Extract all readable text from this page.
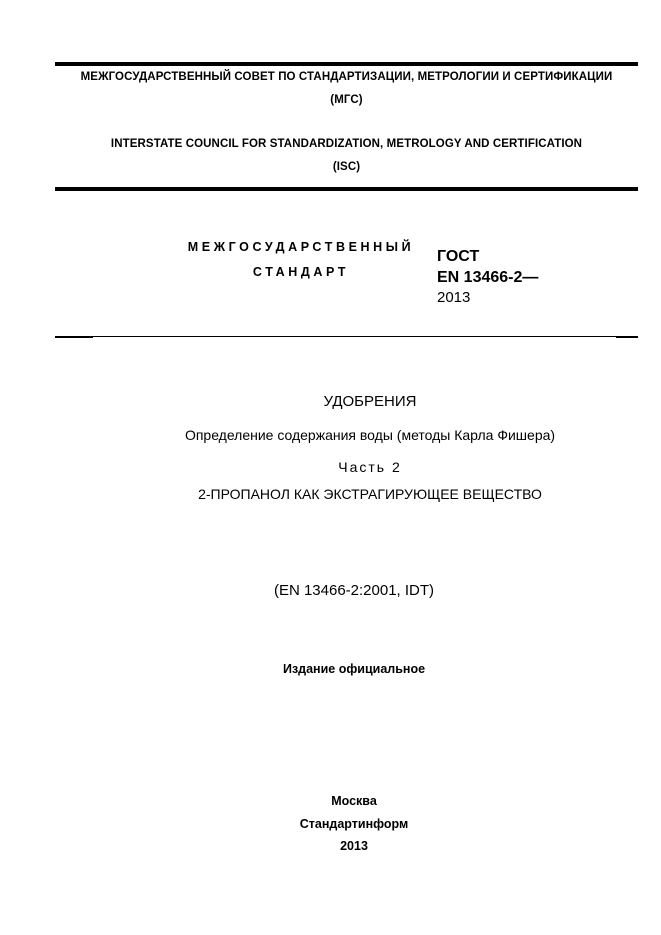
МЕЖГОСУДАРСТВЕННЫЙ СОВЕТ ПО СТАНДАРТИЗАЦИИ, МЕТРОЛОГИИ И СЕРТИФИКАЦИИ
(МГС)
INTERSTATE COUNCIL FOR STANDARDIZATION, METROLOGY AND CERTIFICATION
(ISC)
МЕЖГОСУДАРСТВЕННЫЙ
СТАНДАРТ
ГОСТ
EN 13466-2—
2013
УДОБРЕНИЯ
Определение содержания воды (методы Карла Фишера)
Часть 2
2-ПРОПАНОЛ КАК ЭКСТРАГИРУЮЩЕЕ ВЕЩЕСТВО
(EN 13466-2:2001, IDT)
Издание официальное
Москва
Стандартинформ
2013
